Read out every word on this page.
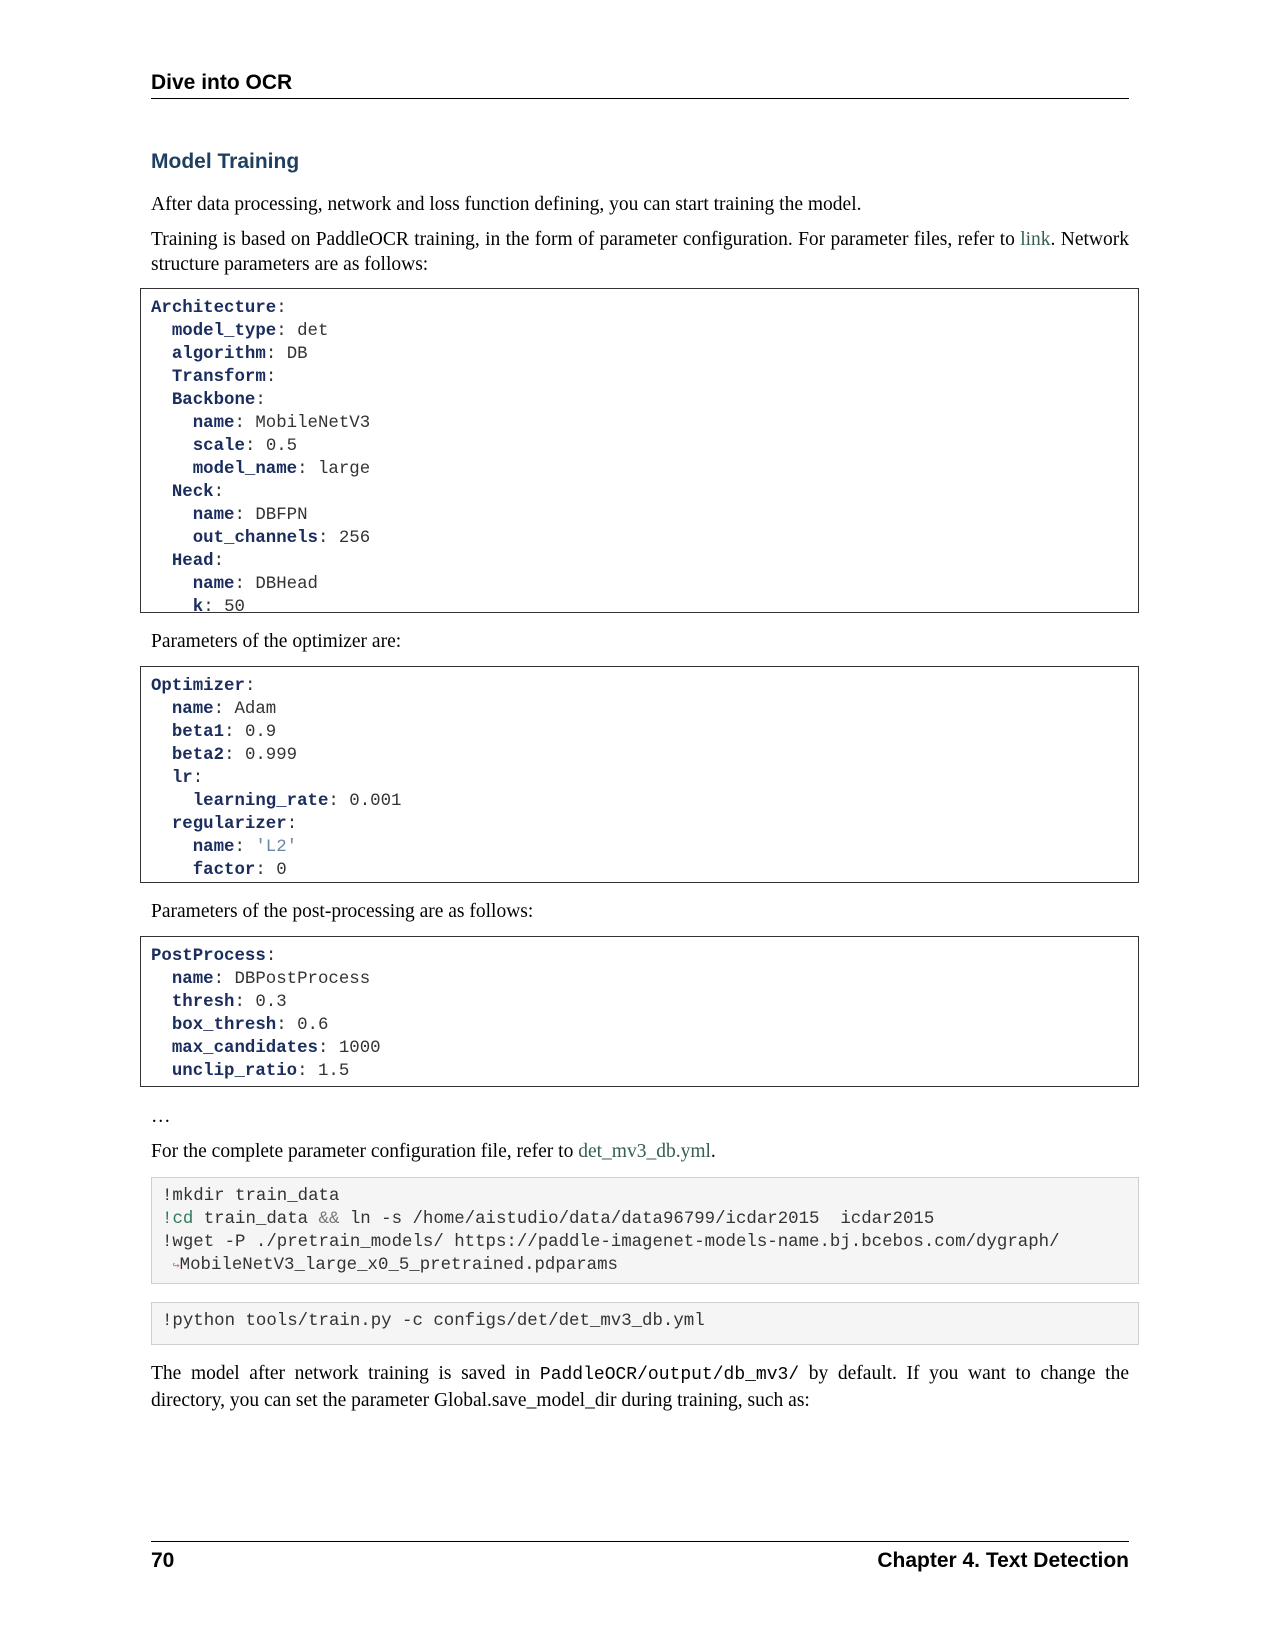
Dive into OCR
Model Training

After data processing, network and loss function defining, you can start training the model.

Training is based on PaddleOCR training, in the form of parameter configuration. For parameter files, refer to link. Network structure parameters are as follows:

Architecture:
model_type: det
algorithm: DB
Transform:
Backbone:
name: MobileNetV3
scale: 0.5
model_name: large
Neck:
name: DBFPN
out_channels: 256
Head:
name: DBHead
k: 50

Parameters of the optimizer are:

Optimizer:
name: Adam
beta1: 0.9
beta2: 0.999
lr:
learning_rate: 0.001
regularizer:
name: 'L2'
factor: 0

Parameters of the post-processing are as follows:

PostProcess:
name: DBPostProcess
thresh: 0.3
box_thresh: 0.6
max_candidates: 1000
unclip_ratio: 1.5

…

For the complete parameter configuration file, refer to det_mv3_db.yml.

!mkdir train_data
!cd train_data && ln -s /home/aistudio/data/data96799/icdar2015  icdar2015
!wget -P ./pretrain_models/ https://paddle-imagenet-models-name.bj.bcebos.com/dygraph/
↪MobileNetV3_large_x0_5_pretrained.pdparams
!python tools/train.py -c configs/det/det_mv3_db.yml

The model after network training is saved in PaddleOCR/output/db_mv3/ by default. If you want to change the directory, you can set the parameter Global.save_model_dir during training, such as:

70	Chapter 4. Text Detection
